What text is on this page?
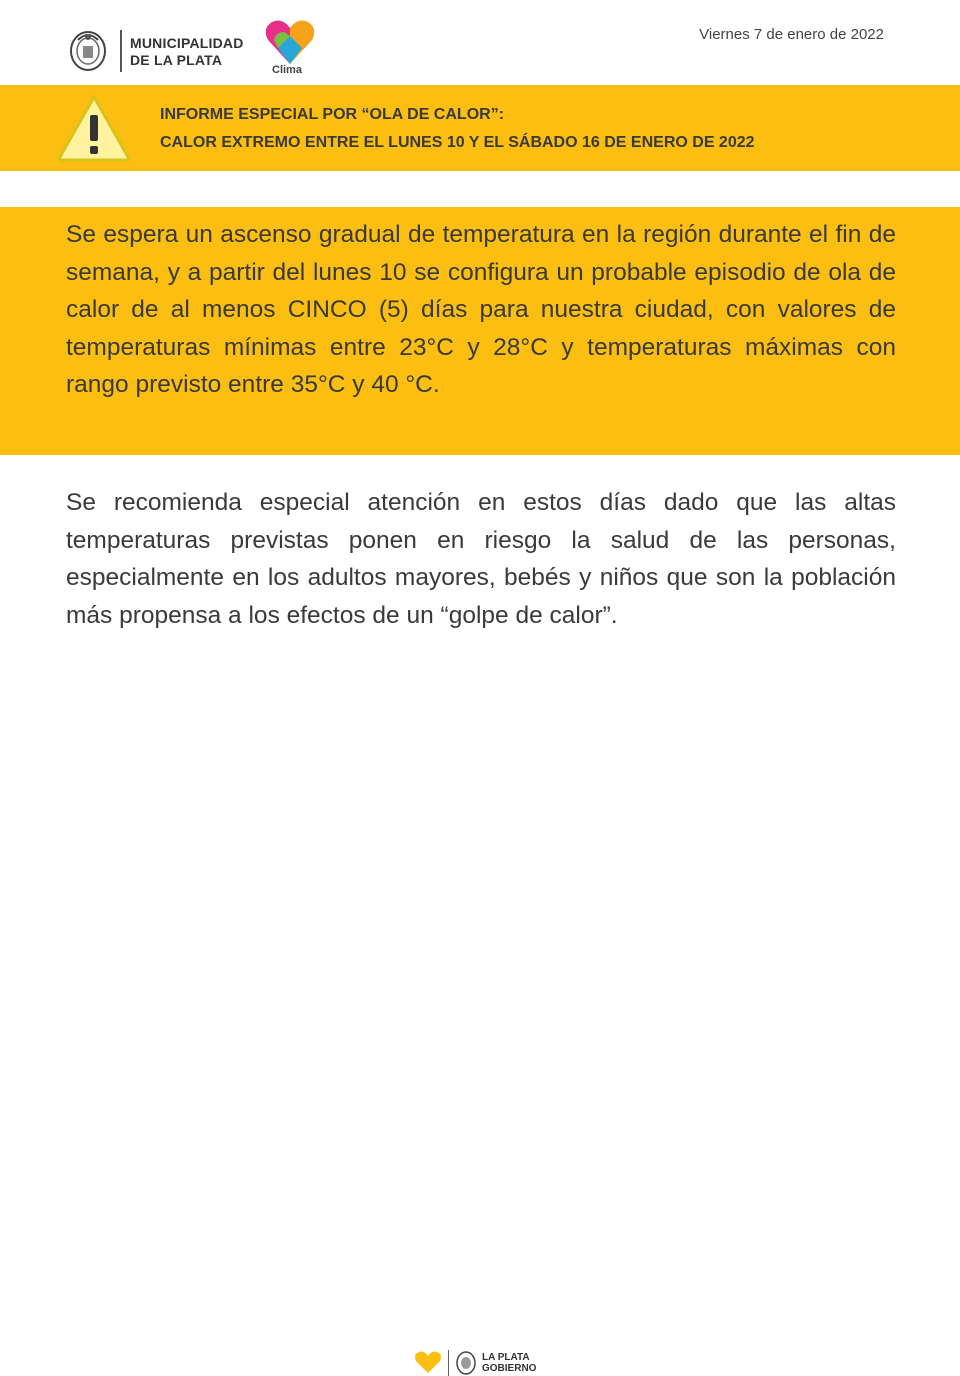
MUNICIPALIDAD
DE LA PLATA
Clima
Viernes 7 de enero de 2022
INFORME ESPECIAL POR “OLA DE CALOR”:
CALOR EXTREMO ENTRE EL LUNES 10 Y EL SÁBADO 16 DE ENERO DE 2022
Se espera un ascenso gradual de temperatura en la región durante el fin de semana, y a partir del lunes 10 se configura un probable episodio de ola de calor de al menos CINCO (5) días para nuestra ciudad, con valores de temperaturas mínimas entre 23°C y 28°C y temperaturas máximas con rango previsto entre 35°C y 40 °C.
Se recomienda especial atención en estos días dado que las altas temperaturas previstas ponen en riesgo la salud de las personas, especialmente en los adultos mayores, bebés y niños que son la población más propensa a los efectos de un “golpe de calor”.
LA PLATA
GOBIERNO
